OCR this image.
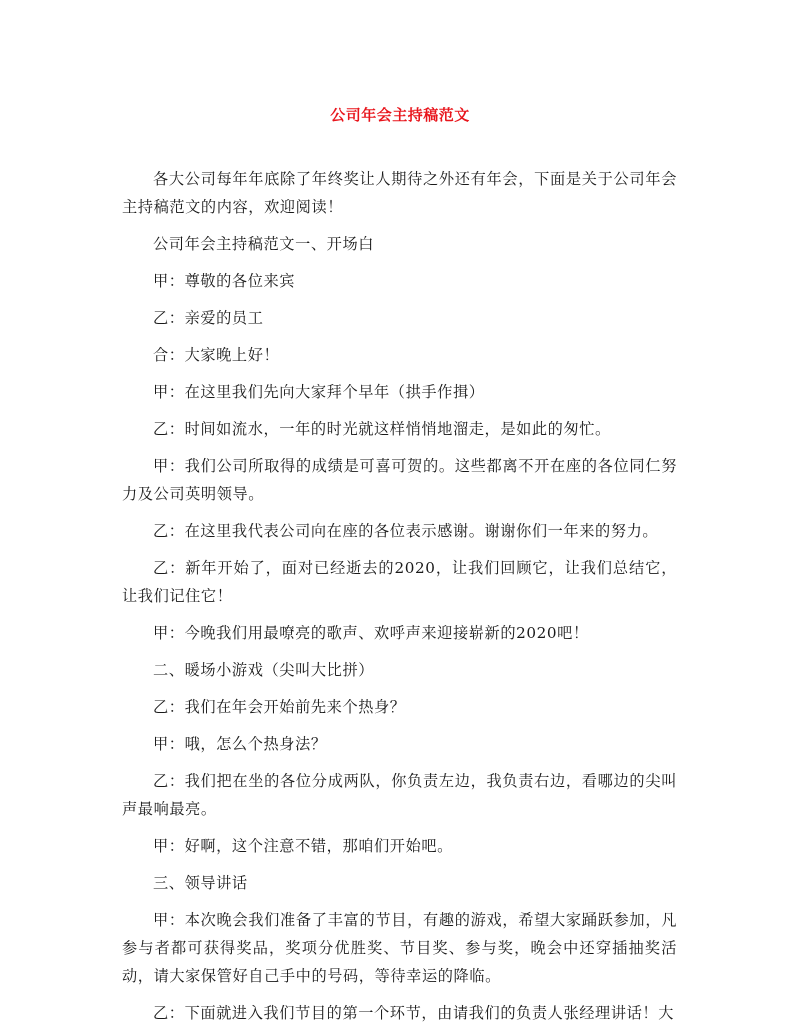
公司年会主持稿范文

各大公司每年年底除了年终奖让人期待之外还有年会，下面是关于公司年会主持稿范文的内容，欢迎阅读！

公司年会主持稿范文一、开场白

甲：尊敬的各位来宾

乙：亲爱的员工

合：大家晚上好！

甲：在这里我们先向大家拜个早年（拱手作揖）

乙：时间如流水，一年的时光就这样悄悄地溜走，是如此的匆忙。

甲：我们公司所取得的成绩是可喜可贺的。这些都离不开在座的各位同仁努力及公司英明领导。

乙：在这里我代表公司向在座的各位表示感谢。谢谢你们一年来的努力。

乙：新年开始了，面对已经逝去的2020，让我们回顾它，让我们总结它，让我们记住它！

甲：今晚我们用最嘹亮的歌声、欢呼声来迎接崭新的2020吧！

二、暖场小游戏（尖叫大比拼）

乙：我们在年会开始前先来个热身？

甲：哦，怎么个热身法？

乙：我们把在坐的各位分成两队，你负责左边，我负责右边，看哪边的尖叫声最响最亮。

甲：好啊，这个注意不错，那咱们开始吧。

三、领导讲话

甲：本次晚会我们准备了丰富的节目，有趣的游戏，希望大家踊跃参加，凡参与者都可获得奖品，奖项分优胜奖、节目奖、参与奖，晚会中还穿插抽奖活动，请大家保管好自己手中的号码，等待幸运的降临。

乙：下面就进入我们节目的第一个环节，由请我们的负责人张经理讲话！大
